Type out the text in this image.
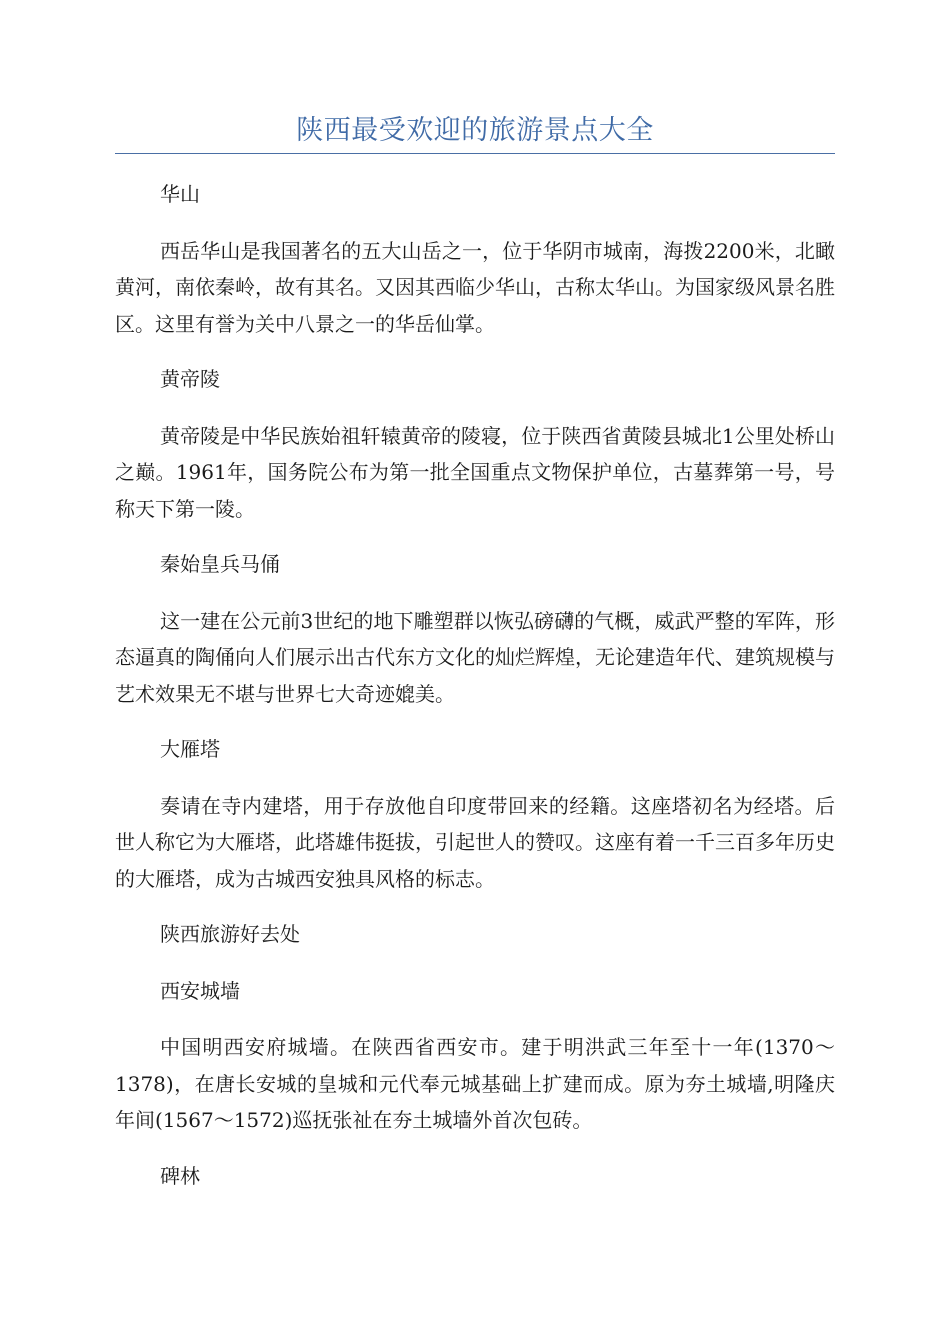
陕西最受欢迎的旅游景点大全

华山

西岳华山是我国著名的五大山岳之一，位于华阴市城南，海拨2200米，北瞰黄河，南依秦岭，故有其名。又因其西临少华山，古称太华山。为国家级风景名胜区。这里有誉为关中八景之一的华岳仙掌。

黄帝陵

黄帝陵是中华民族始祖轩辕黄帝的陵寝，位于陕西省黄陵县城北1公里处桥山之巅。1961年，国务院公布为第一批全国重点文物保护单位，古墓葬第一号，号称天下第一陵。

秦始皇兵马俑

这一建在公元前3世纪的地下雕塑群以恢弘磅礴的气概，威武严整的军阵，形态逼真的陶俑向人们展示出古代东方文化的灿烂辉煌，无论建造年代、建筑规模与艺术效果无不堪与世界七大奇迹媲美。

大雁塔

奏请在寺内建塔，用于存放他自印度带回来的经籍。这座塔初名为经塔。后世人称它为大雁塔，此塔雄伟挺拔，引起世人的赞叹。这座有着一千三百多年历史的大雁塔，成为古城西安独具风格的标志。

陕西旅游好去处

西安城墙

中国明西安府城墙。在陕西省西安市。建于明洪武三年至十一年(1370～1378)，在唐长安城的皇城和元代奉元城基础上扩建而成。原为夯土城墙,明隆庆年间(1567～1572)巡抚张祉在夯土城墙外首次包砖。

碑林
